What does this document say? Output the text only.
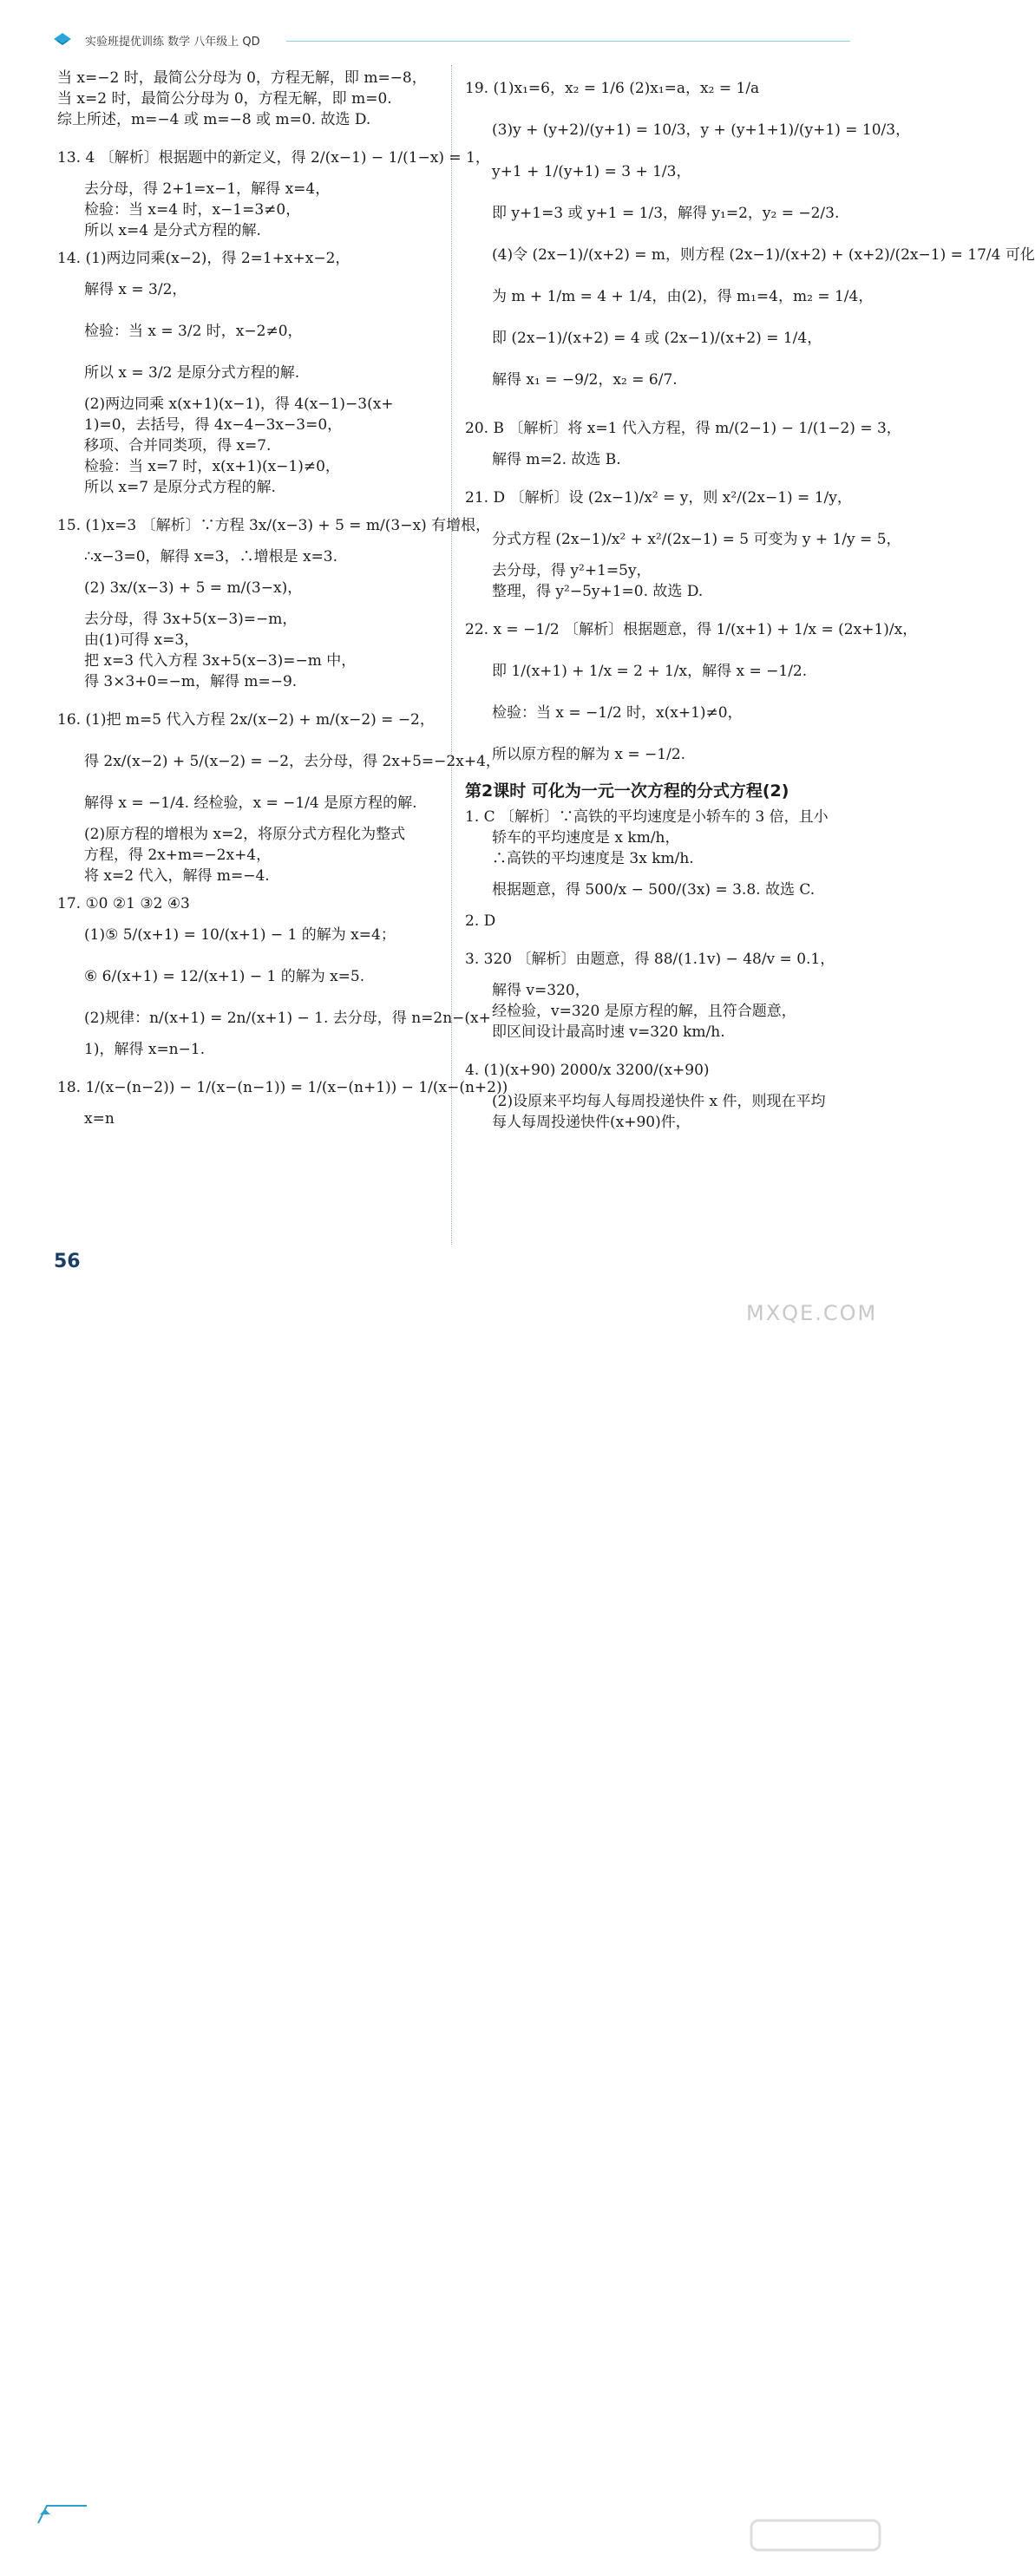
实验班提优训练 数学 八年级上 QD
当 x=−2 时，最简公分母为 0，方程无解，即 m=−8，
当 x=2 时，最简公分母为 0，方程无解，即 m=0.
综上所述，m=−4 或 m=−8 或 m=0. 故选 D.
13. 4 〔解析〕根据题中的新定义，得 2/(x−1) − 1/(1−x) = 1，
去分母，得 2+1=x−1，解得 x=4，
检验：当 x=4 时，x−1=3≠0，
所以 x=4 是分式方程的解.
14. (1)两边同乘(x−2)，得 2=1+x+x−2，
解得 x = 3/2，
检验：当 x = 3/2 时，x−2≠0，
所以 x = 3/2 是原分式方程的解.
(2)两边同乘 x(x+1)(x−1)，得 4(x−1)−3(x+
1)=0，去括号，得 4x−4−3x−3=0，
移项、合并同类项，得 x=7.
检验：当 x=7 时，x(x+1)(x−1)≠0，
所以 x=7 是原分式方程的解.
15. (1)x=3 〔解析〕∵方程 3x/(x−3) + 5 = m/(3−x) 有增根，
∴x−3=0，解得 x=3，∴增根是 x=3.
(2) 3x/(x−3) + 5 = m/(3−x)，
去分母，得 3x+5(x−3)=−m，
由(1)可得 x=3，
把 x=3 代入方程 3x+5(x−3)=−m 中，
得 3×3+0=−m，解得 m=−9.
16. (1)把 m=5 代入方程 2x/(x−2) + m/(x−2) = −2，
得 2x/(x−2) + 5/(x−2) = −2，去分母，得 2x+5=−2x+4，
解得 x = −1/4. 经检验，x = −1/4 是原方程的解.
(2)原方程的增根为 x=2，将原分式方程化为整式
方程，得 2x+m=−2x+4，
将 x=2 代入，解得 m=−4.
17. ①0 ②1 ③2 ④3
(1)⑤ 5/(x+1) = 10/(x+1) − 1 的解为 x=4；
⑥ 6/(x+1) = 12/(x+1) − 1 的解为 x=5.
(2)规律：n/(x+1) = 2n/(x+1) − 1. 去分母，得 n=2n−(x+
1)，解得 x=n−1.
18. 1/(x−(n−2)) − 1/(x−(n−1)) = 1/(x−(n+1)) − 1/(x−(n+2))
x=n
19. (1)x₁=6，x₂ = 1/6 (2)x₁=a，x₂ = 1/a
(3)y + (y+2)/(y+1) = 10/3，y + (y+1+1)/(y+1) = 10/3，
y+1 + 1/(y+1) = 3 + 1/3，
即 y+1=3 或 y+1 = 1/3，解得 y₁=2，y₂ = −2/3.
(4)令 (2x−1)/(x+2) = m，则方程 (2x−1)/(x+2) + (x+2)/(2x−1) = 17/4 可化
为 m + 1/m = 4 + 1/4，由(2)，得 m₁=4，m₂ = 1/4，
即 (2x−1)/(x+2) = 4 或 (2x−1)/(x+2) = 1/4，
解得 x₁ = −9/2，x₂ = 6/7.
20. B 〔解析〕将 x=1 代入方程，得 m/(2−1) − 1/(1−2) = 3，
解得 m=2. 故选 B.
21. D 〔解析〕设 (2x−1)/x² = y，则 x²/(2x−1) = 1/y，
分式方程 (2x−1)/x² + x²/(2x−1) = 5 可变为 y + 1/y = 5，
去分母，得 y²+1=5y，
整理，得 y²−5y+1=0. 故选 D.
22. x = −1/2 〔解析〕根据题意，得 1/(x+1) + 1/x = (2x+1)/x，
即 1/(x+1) + 1/x = 2 + 1/x，解得 x = −1/2.
检验：当 x = −1/2 时，x(x+1)≠0，
所以原方程的解为 x = −1/2.
第2课时 可化为一元一次方程的分式方程(2)
1. C 〔解析〕∵高铁的平均速度是小轿车的 3 倍，且小
轿车的平均速度是 x km/h，
∴高铁的平均速度是 3x km/h.
根据题意，得 500/x − 500/(3x) = 3.8. 故选 C.
2. D
3. 320 〔解析〕由题意，得 88/(1.1v) − 48/v = 0.1，
解得 v=320，
经检验，v=320 是原方程的解，且符合题意，
即区间设计最高时速 v=320 km/h.
4. (1)(x+90) 2000/x 3200/(x+90)
(2)设原来平均每人每周投递快件 x 件，则现在平均
每人每周投递快件(x+90)件，
56
MXQE.COM
